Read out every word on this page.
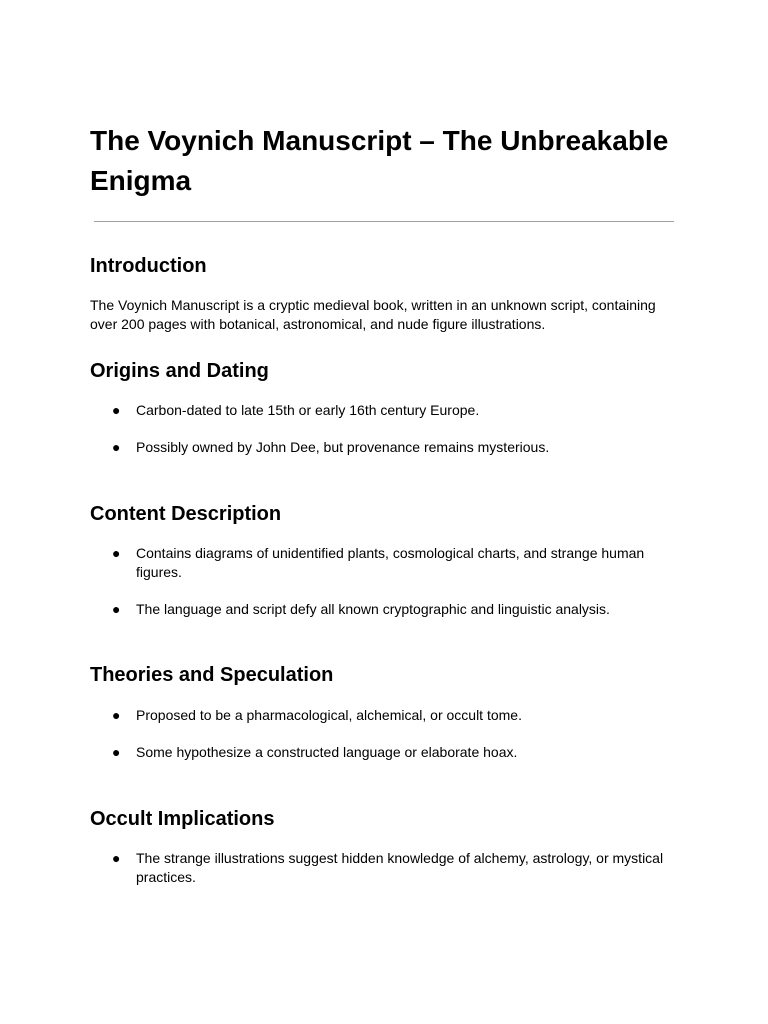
The Voynich Manuscript – The Unbreakable Enigma
Introduction

The Voynich Manuscript is a cryptic medieval book, written in an unknown script, containing over 200 pages with botanical, astronomical, and nude figure illustrations.

Origins and Dating
●	Carbon-dated to late 15th or early 16th century Europe.
●	Possibly owned by John Dee, but provenance remains mysterious.
Content Description
●	Contains diagrams of unidentified plants, cosmological charts, and strange human figures.
●	The language and script defy all known cryptographic and linguistic analysis.
Theories and Speculation
●	Proposed to be a pharmacological, alchemical, or occult tome.
●	Some hypothesize a constructed language or elaborate hoax.
Occult Implications
●	The strange illustrations suggest hidden knowledge of alchemy, astrology, or mystical practices.
